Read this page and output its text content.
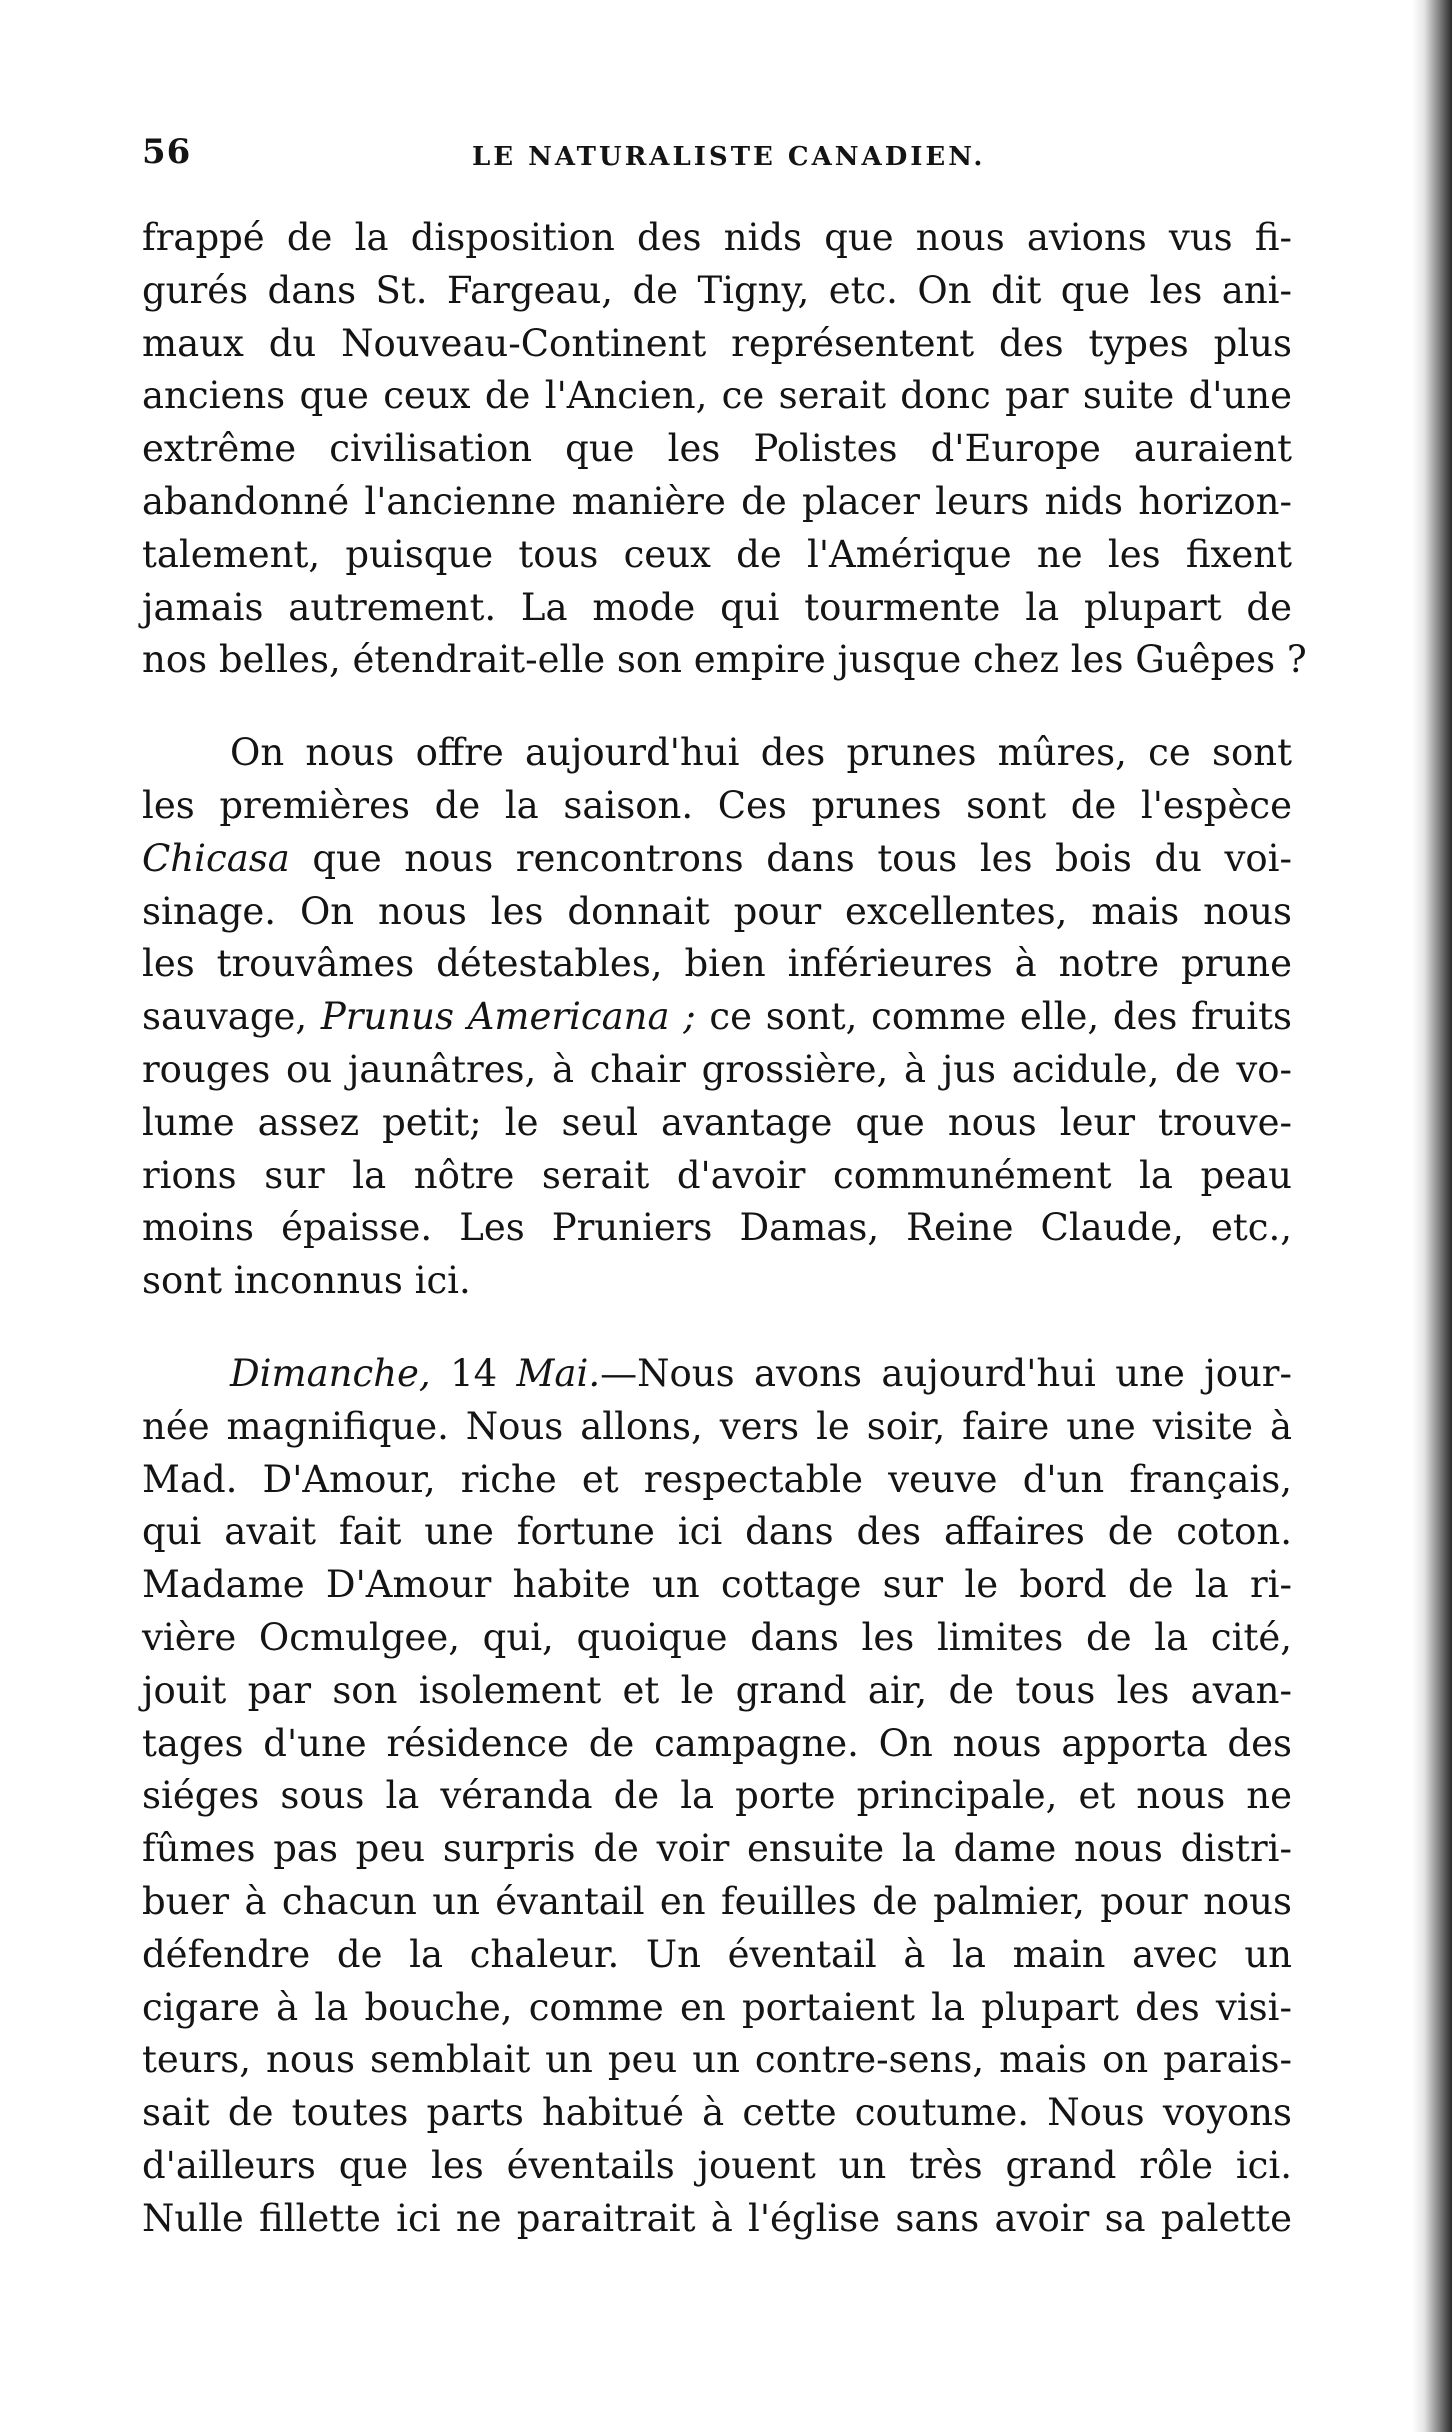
56	LE NATURALISTE CANADIEN.
frappé de la disposition des nids que nous avions vus fi-
gurés dans St. Fargeau, de Tigny, etc. On dit que les ani-
maux du Nouveau-Continent représentent des types plus
anciens que ceux de l'Ancien, ce serait donc par suite d'une
extrême civilisation que les Polistes d'Europe auraient
abandonné l'ancienne manière de placer leurs nids horizon-
talement, puisque tous ceux de l'Amérique ne les fixent
jamais autrement. La mode qui tourmente la plupart de
nos belles, étendrait-elle son empire jusque chez les Guêpes ?
On nous offre aujourd'hui des prunes mûres, ce sont
les premières de la saison. Ces prunes sont de l'espèce
Chicasa que nous rencontrons dans tous les bois du voi-
sinage. On nous les donnait pour excellentes, mais nous
les trouvâmes détestables, bien inférieures à notre prune
sauvage, Prunus Americana ; ce sont, comme elle, des fruits
rouges ou jaunâtres, à chair grossière, à jus acidule, de vo-
lume assez petit; le seul avantage que nous leur trouve-
rions sur la nôtre serait d'avoir communément la peau
moins épaisse. Les Pruniers Damas, Reine Claude, etc.,
sont inconnus ici.
Dimanche, 14 Mai.—Nous avons aujourd'hui une jour-
née magnifique. Nous allons, vers le soir, faire une visite à
Mad. D'Amour, riche et respectable veuve d'un français,
qui avait fait une fortune ici dans des affaires de coton.
Madame D'Amour habite un cottage sur le bord de la ri-
vière Ocmulgee, qui, quoique dans les limites de la cité,
jouit par son isolement et le grand air, de tous les avan-
tages d'une résidence de campagne. On nous apporta des
siéges sous la véranda de la porte principale, et nous ne
fûmes pas peu surpris de voir ensuite la dame nous distri-
buer à chacun un évantail en feuilles de palmier, pour nous
défendre de la chaleur. Un éventail à la main avec un
cigare à la bouche, comme en portaient la plupart des visi-
teurs, nous semblait un peu un contre-sens, mais on parais-
sait de toutes parts habitué à cette coutume. Nous voyons
d'ailleurs que les éventails jouent un très grand rôle ici.
Nulle fillette ici ne paraitrait à l'église sans avoir sa palette
